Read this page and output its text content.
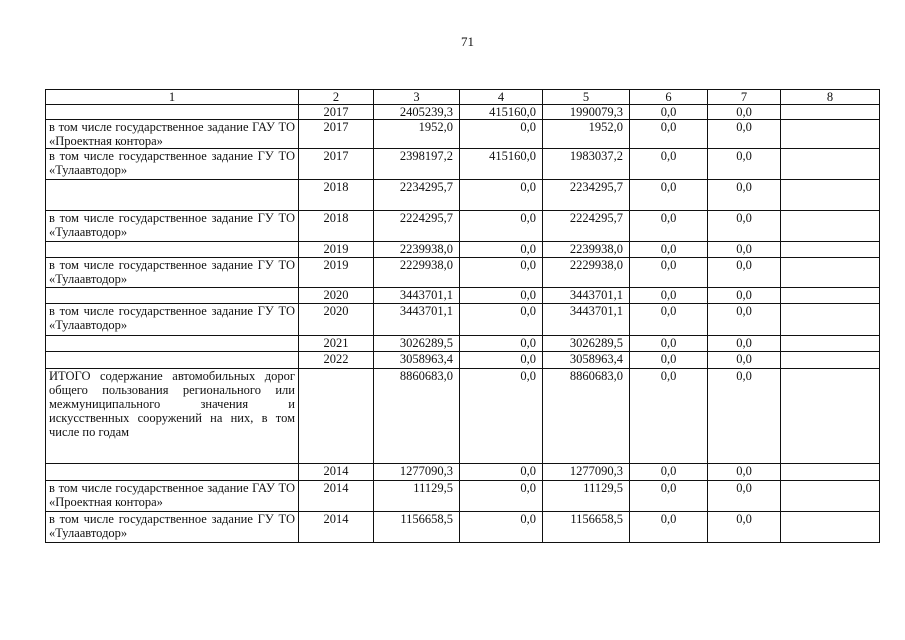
71
1	2	3	4	5	6	7	8
	2017	2405239,3	415160,0	1990079,3	0,0	0,0	
в том числе государственное задание ГАУ ТО «Проектная контора»	2017	1952,0	0,0	1952,0	0,0	0,0	
в том числе государственное задание ГУ ТО «Тулаавтодор»	2017	2398197,2	415160,0	1983037,2	0,0	0,0	
	2018	2234295,7	0,0	2234295,7	0,0	0,0	
в том числе государственное задание ГУ ТО «Тулаавтодор»	2018	2224295,7	0,0	2224295,7	0,0	0,0	
	2019	2239938,0	0,0	2239938,0	0,0	0,0	
в том числе государственное задание ГУ ТО «Тулаавтодор»	2019	2229938,0	0,0	2229938,0	0,0	0,0	
	2020	3443701,1	0,0	3443701,1	0,0	0,0	
в том числе государственное задание ГУ ТО «Тулаавтодор»	2020	3443701,1	0,0	3443701,1	0,0	0,0	
	2021	3026289,5	0,0	3026289,5	0,0	0,0	
	2022	3058963,4	0,0	3058963,4	0,0	0,0	
ИТОГО содержание автомобильных дорог общего пользования регионального или межмуниципального значения и искусственных сооружений на них, в том числе по годам		8860683,0	0,0	8860683,0	0,0	0,0	
	2014	1277090,3	0,0	1277090,3	0,0	0,0	
в том числе государственное задание ГАУ ТО «Проектная контора»	2014	11129,5	0,0	11129,5	0,0	0,0	
в том числе государственное задание ГУ ТО «Тулаавтодор»	2014	1156658,5	0,0	1156658,5	0,0	0,0	
